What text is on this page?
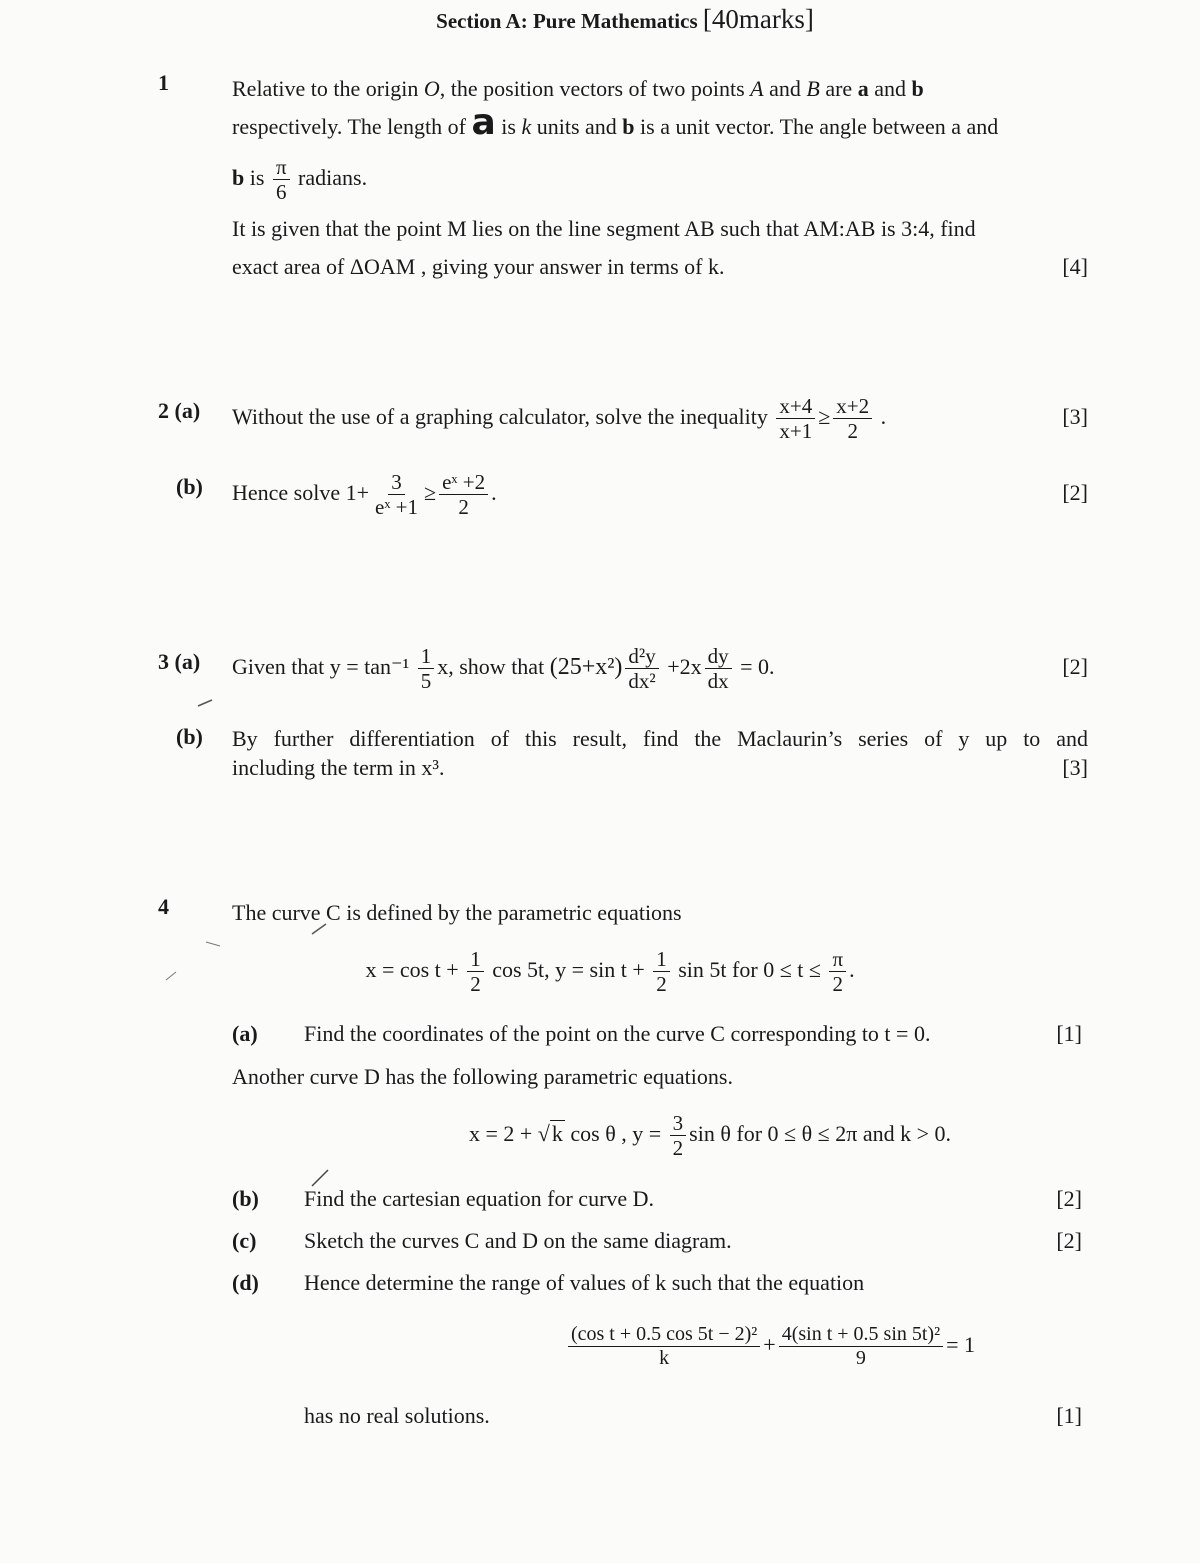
Section A: Pure Mathematics [40marks]
1	Relative to the origin O, the position vectors of two points A and B are a and b
respectively. The length of a is k units and b is a unit vector. The angle between a and
b is $\frac{\pi}{6}$ radians.
It is given that the point M lies on the line segment AB such that AM:AB is 3:4, find
exact area of ΔOAM , giving your answer in terms of k.	[4]
2 (a) Without the use of a graphing calculator, solve the inequality $\frac{x+4}{x+1} \ge \frac{x+2}{2}$ .	[3]
(b) Hence solve $1+ \frac{3}{\text{eˣ +1}} \ge \frac{\text{eˣ +2}}{2}$ .	[2]
3 (a) Given that $y = \tan^{-1} \frac{1}{5} x$, show that $(25+x^2) \frac{\text{d²y}}{\text{dx²}} +2x \frac{dy}{dx} = 0$.	[2]
(b) By further differentiation of this result, find the Maclaurin’s series of y up to and
including the term in x³.	[3]
4	The curve C is defined by the parametric equations
$x = \cos t + \frac{1}{2}$ cos 5t, $y = \sin t + \frac{1}{2}$ sin 5t for $0 \le t \le \frac{\pi}{2}$ .
(a) Find the coordinates of the point on the curve C corresponding to t = 0.	[1]
Another curve D has the following parametric equations.
x = 2 + √k cos θ , $y = \frac{3}{2}$ sin θ for 0 ≤ θ ≤ 2π and k > 0.
(b) Find the cartesian equation for curve D.	[2]
(c) Sketch the curves C and D on the same diagram.	[2]
(d) Hence determine the range of values of k such that the equation
$\frac{\text{(cos t + 0.5 cos 5t − 2)²}}{k} + \frac{\text{4(sin t + 0.5 sin 5t)²}}{9} = 1$
has no real solutions.	[1]
